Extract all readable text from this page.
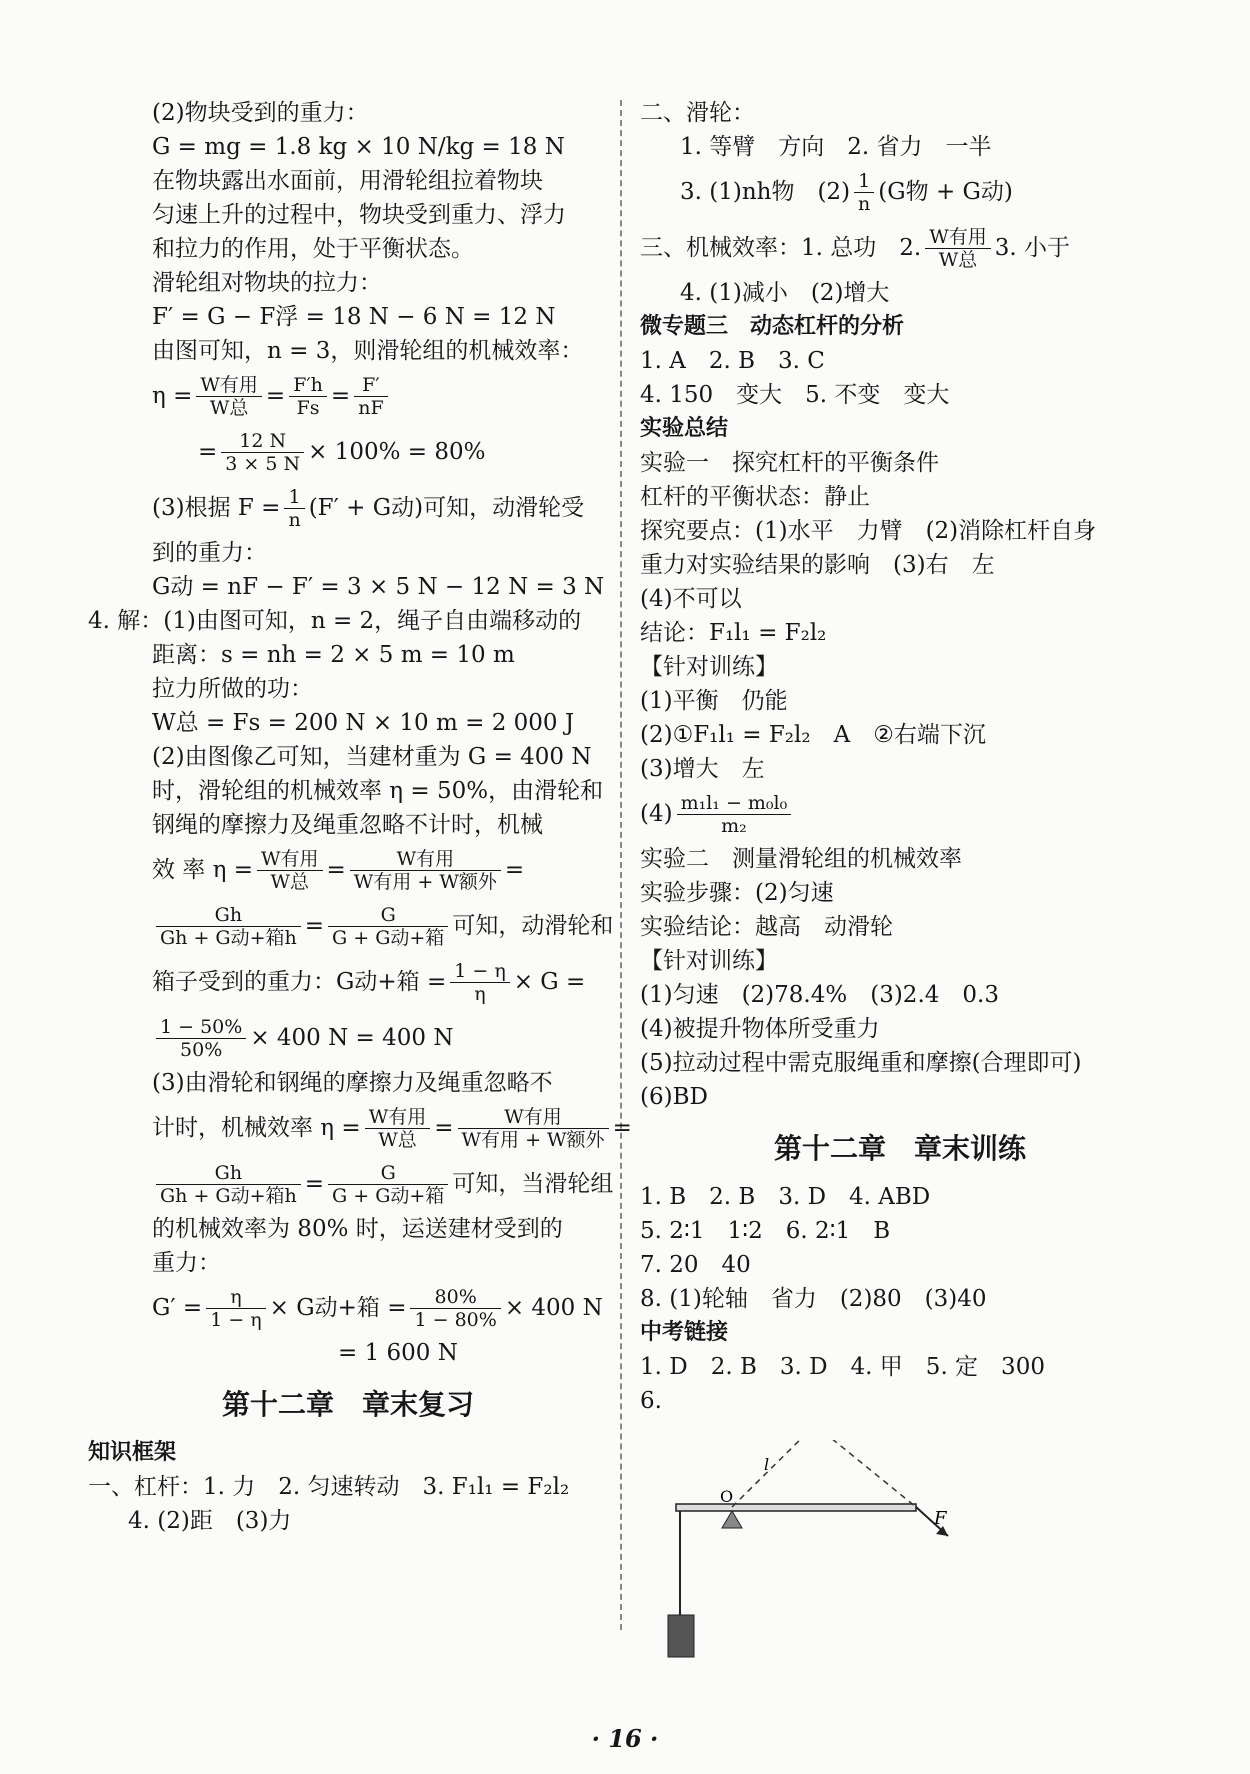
(2)物块受到的重力：
G = mg = 1.8 kg × 10 N/kg = 18 N
在物块露出水面前，用滑轮组拉着物块
匀速上升的过程中，物块受到重力、浮力
和拉力的作用，处于平衡状态。
滑轮组对物块的拉力：
F′ = G − F浮 = 18 N − 6 N = 12 N
由图可知，n = 3，则滑轮组的机械效率：
$\eta = \frac{\text{W有用}}{\text{W总}} = \frac{F'h}{Fs} = \frac{F'}{nF}$
= $\frac{12 N}{3 \times 5 N} \times 100\% = 80\%$
(3)根据 $F = \frac{1}{n} (F' + G$动)可知，动滑轮受
到的重力：
G动 = nF − F′ = 3 × 5 N − 12 N = 3 N
4. 解：(1)由图可知，n = 2，绳子自由端移动的
距离：s = nh = 2 × 5 m = 10 m
拉力所做的功：
W总 = Fs = 200 N × 10 m = 2 000 J
(2)由图像乙可知，当建材重为 G = 400 N
时，滑轮组的机械效率 η = 50%，由滑轮和
钢绳的摩擦力及绳重忽略不计时，机械
效 率 $\eta = \frac{\text{W有用}}{\text{W总}} = \frac{\text{W有用}}{\text{W有用 + W额外}}$ =
$\frac{Gh}{\text{Gh + G动+箱h}} = \frac{G}{\text{G + G动+箱}}$ 可知，动滑轮和
箱子受到的重力：G动+箱 = $\frac{1 - \eta}{\eta} \times G$ =
$\frac{1 - 50\%}{50\%} \times 400$ N = 400 N
(3)由滑轮和钢绳的摩擦力及绳重忽略不
计时，机械效率 $\eta = \frac{\text{W有用}}{\text{W总}} = \frac{\text{W有用}}{\text{W有用 + W额外}}$ =
$\frac{Gh}{\text{Gh + G动+箱h}} = \frac{G}{\text{G + G动+箱}}$ 可知，当滑轮组
的机械效率为 80% 时，运送建材受到的
重力：
$G' = \frac{\eta}{1 - \eta} \times G$动+箱 = $\frac{80\%}{1 - 80\%} \times 400$ N
= 1 600 N
第十二章　章末复习
知识框架
一、杠杆：1. 力　2. 匀速转动　3. F₁l₁ = F₂l₂
4. (2)距　(3)力
二、滑轮：
1. 等臂　方向　2. 省力　一半
3. (1)nh物　$(2) \frac{1}{n} (G$物 + G动)
三、机械效率：1. 总功　2. $\frac{\text{W有用}}{\text{W总}} 3$. 小于
4. (1)减小　(2)增大
微专题三　动态杠杆的分析
1. A　2. B　3. C
4. 150　变大　5. 不变　变大
实验总结
实验一　探究杠杆的平衡条件
杠杆的平衡状态：静止
探究要点：(1)水平　力臂　(2)消除杠杆自身
重力对实验结果的影响　(3)右　左
(4)不可以
结论：F₁l₁ = F₂l₂
【针对训练】
(1)平衡　仍能
(2)①F₁l₁ = F₂l₂　A　②右端下沉
(3)增大　左
$(4) \frac{\text{m₁l₁ − m₀l₀}}{\text{m₂}}$
实验二　测量滑轮组的机械效率
实验步骤：(2)匀速
实验结论：越高　动滑轮
【针对训练】
(1)匀速　(2)78.4%　(3)2.4　0.3
(4)被提升物体所受重力
(5)拉动过程中需克服绳重和摩擦(合理即可)
(6)BD
第十二章　章末训练
1. B　2. B　3. D　4. ABD
5. 2∶1　1∶2　6. 2∶1　B
7. 20　40
8. (1)轮轴　省力　(2)80　(3)40
中考链接
1. D　2. B　3. D　4. 甲　5. 定　300
6.
F
l
O
· 16 ·
